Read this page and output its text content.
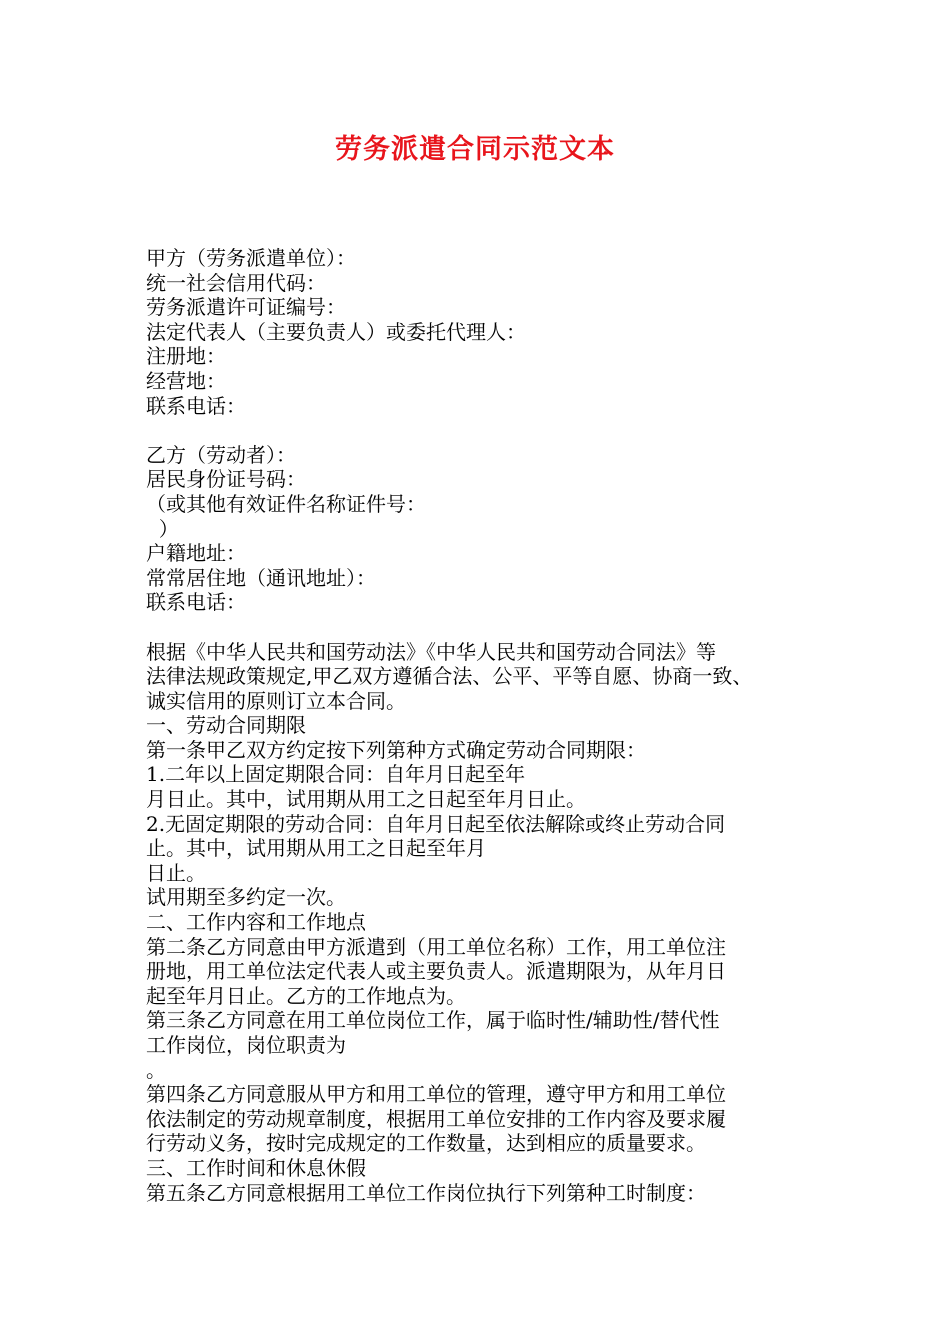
劳务派遣合同示范文本
甲方（劳务派遣单位）：
统一社会信用代码：
劳务派遣许可证编号：
法定代表人（主要负责人）或委托代理人：
注册地：
经营地：
联系电话：
乙方（劳动者）：
居民身份证号码：
（或其他有效证件名称证件号：
）
户籍地址：
常常居住地（通讯地址）：
联系电话：
根据《中华人民共和国劳动法》《中华人民共和国劳动合同法》等
法律法规政策规定,甲乙双方遵循合法、公平、平等自愿、协商一致、
诚实信用的原则订立本合同。
一、劳动合同期限
第一条甲乙双方约定按下列第种方式确定劳动合同期限：
1.二年以上固定期限合同：自年月日起至年
月日止。其中，试用期从用工之日起至年月日止。
2.无固定期限的劳动合同：自年月日起至依法解除或终止劳动合同
止。其中，试用期从用工之日起至年月
日止。
试用期至多约定一次。
二、工作内容和工作地点
第二条乙方同意由甲方派遣到（用工单位名称）工作，用工单位注
册地，用工单位法定代表人或主要负责人。派遣期限为，从年月日
起至年月日止。乙方的工作地点为。
第三条乙方同意在用工单位岗位工作，属于临时性/辅助性/替代性
工作岗位，岗位职责为
。
第四条乙方同意服从甲方和用工单位的管理，遵守甲方和用工单位
依法制定的劳动规章制度，根据用工单位安排的工作内容及要求履
行劳动义务，按时完成规定的工作数量，达到相应的质量要求。
三、工作时间和休息休假
第五条乙方同意根据用工单位工作岗位执行下列第种工时制度：
